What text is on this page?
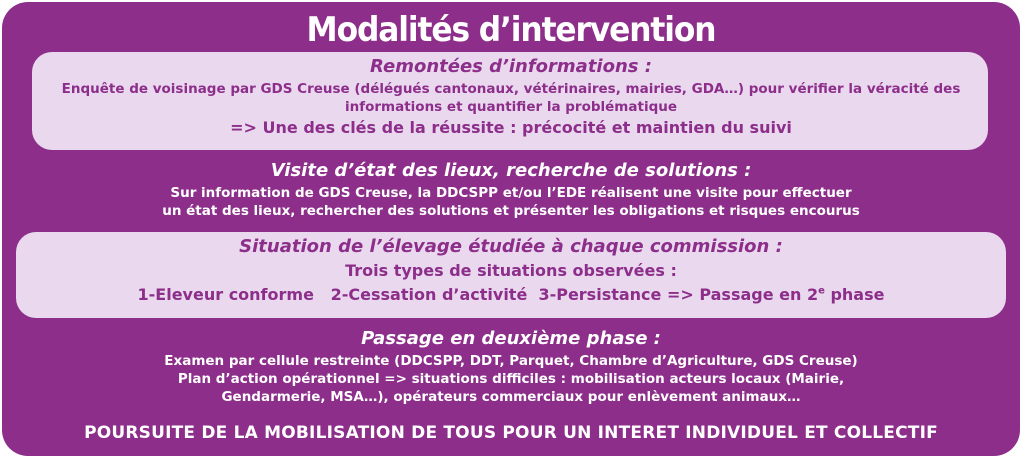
Modalités d’intervention
Remontées d’informations :
Enquête de voisinage par GDS Creuse (délégués cantonaux, vétérinaires, mairies, GDA…) pour vérifier la véracité des
informations et quantifier la problématique
=> Une des clés de la réussite : précocité et maintien du suivi
Visite d’état des lieux, recherche de solutions :
Sur information de GDS Creuse, la DDCSPP et/ou l’EDE réalisent une visite pour effectuer
un état des lieux, rechercher des solutions et présenter les obligations et risques encourus
Situation de l’élevage étudiée à chaque commission :
Trois types de situations observées :
1-Eleveur conforme 2-Cessation d’activité 3-Persistance => Passage en 2e phase
Passage en deuxième phase :
Examen par cellule restreinte (DDCSPP, DDT, Parquet, Chambre d’Agriculture, GDS Creuse)
Plan d’action opérationnel => situations difficiles : mobilisation acteurs locaux (Mairie,
Gendarmerie, MSA…), opérateurs commerciaux pour enlèvement animaux…
POURSUITE DE LA MOBILISATION DE TOUS POUR UN INTERET INDIVIDUEL ET COLLECTIF
